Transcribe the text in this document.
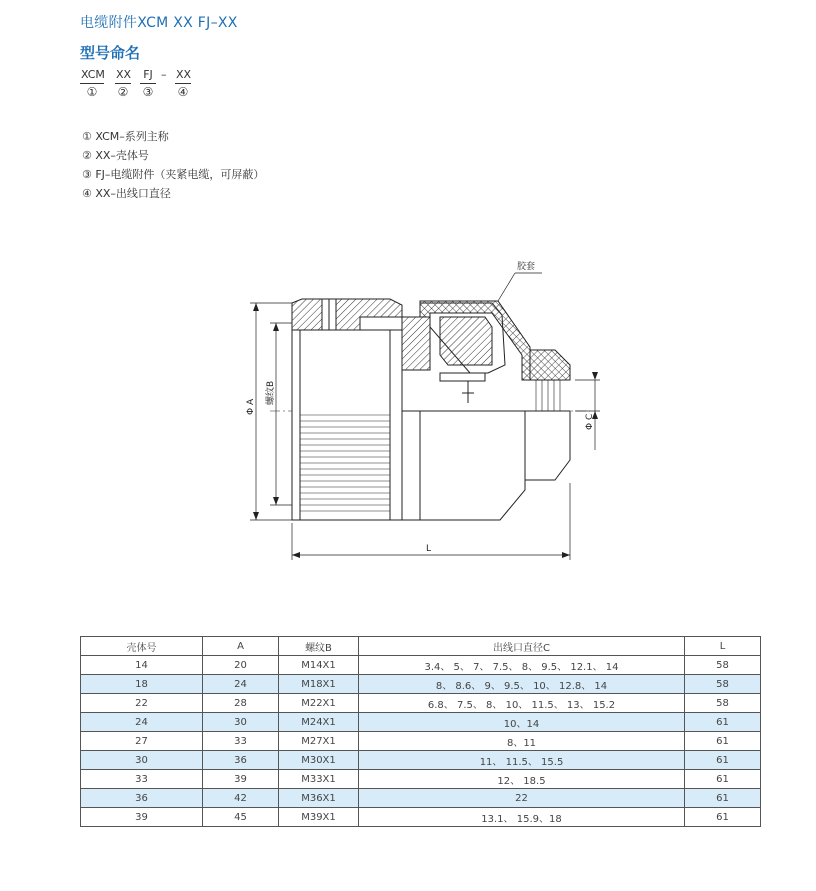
电缆附件XCM XX FJ–XX
型号命名
XCM
①
XX
②
FJ
③
– XX
④
① XCM–系列主称
② XX–壳体号
③ FJ–电缆附件（夹紧电缆，可屏蔽）
④ XX–出线口直径
胶套
Φ A
螺纹B
Φ C
L
壳体号	A	螺纹B	出线口直径C	L
14	20	M14X1	3.4、 5、 7、 7.5、 8、 9.5、 12.1、 14	58
18	24	M18X1	8、 8.6、 9、 9.5、 10、 12.8、 14	58
22	28	M22X1	6.8、 7.5、 8、 10、 11.5、 13、 15.2	58
24	30	M24X1	10、14	61
27	33	M27X1	8、11	61
30	36	M30X1	11、 11.5、 15.5	61
33	39	M33X1	12、 18.5	61
36	42	M36X1	22	61
39	45	M39X1	13.1、 15.9、18	61
